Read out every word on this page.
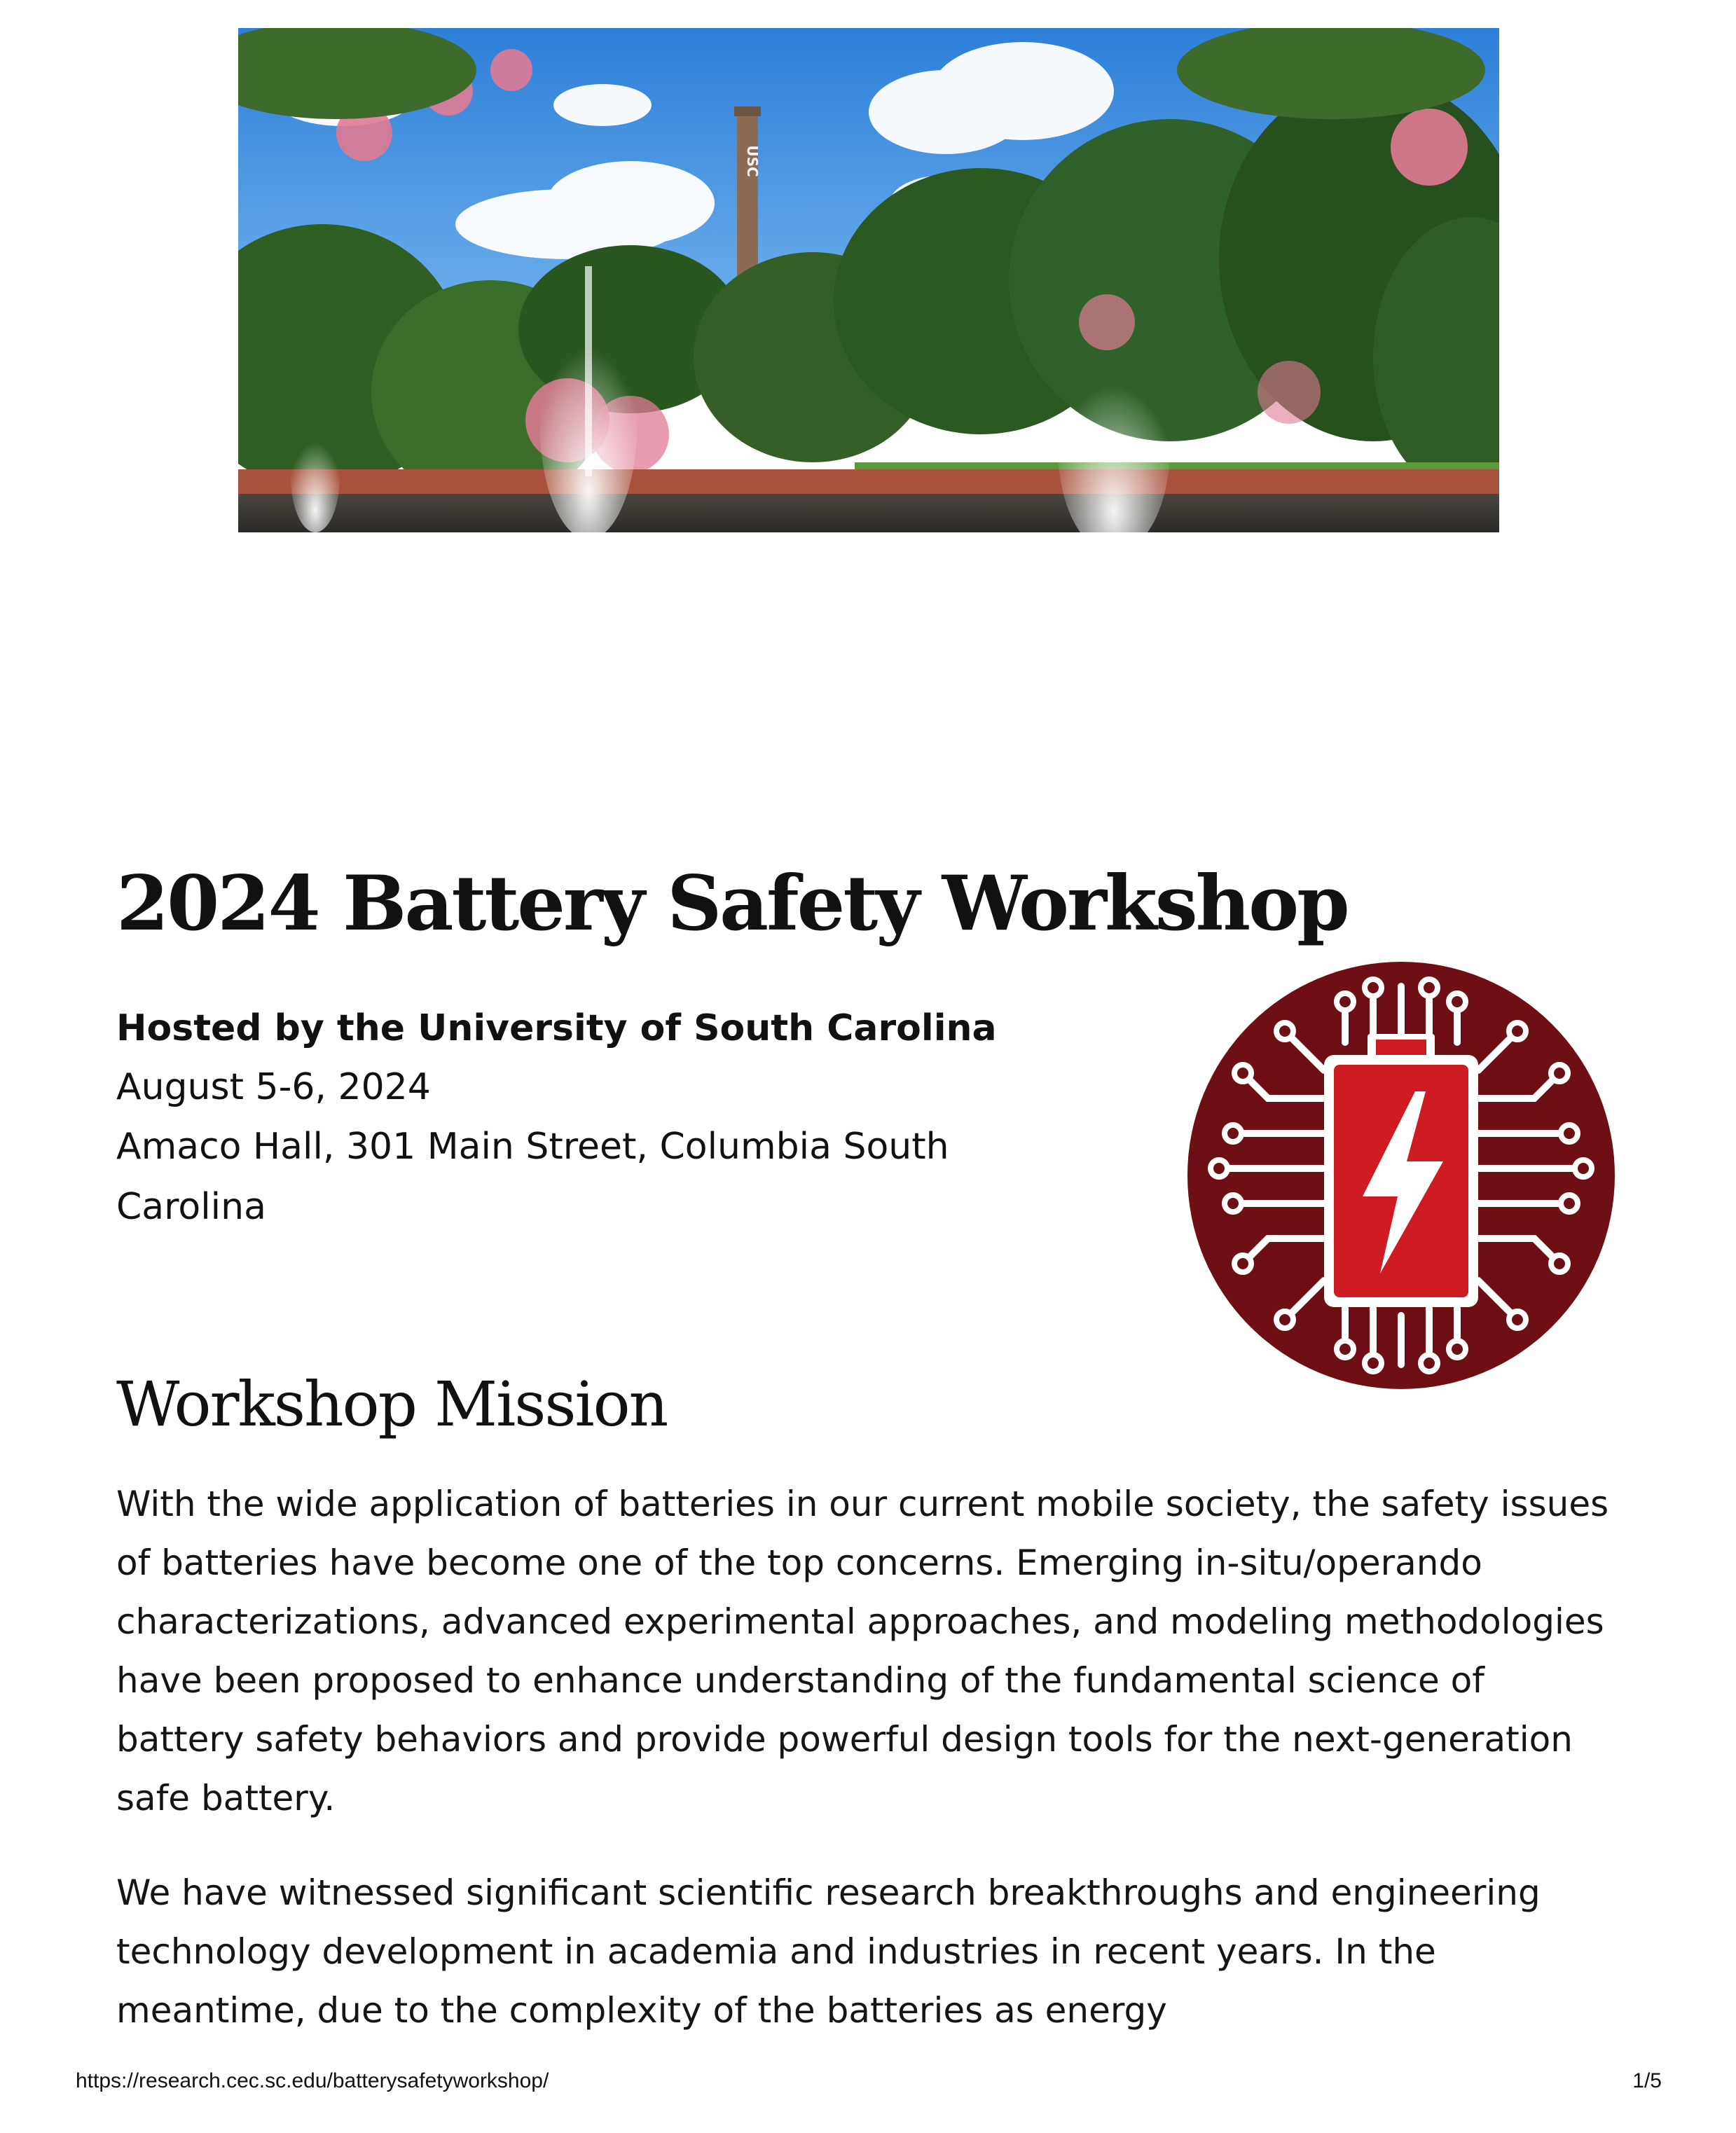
USC
2024 Battery Safety Workshop

Hosted by the University of South Carolina

August 5-6, 2024

Amaco Hall, 301 Main Street, Columbia South Carolina

Workshop Mission

With the wide application of batteries in our current mobile society, the safety issues of batteries have become one of the top concerns. Emerging in-situ/operando characterizations, advanced experimental approaches, and modeling methodologies have been proposed to enhance understanding of the fundamental science of battery safety behaviors and provide powerful design tools for the next-generation safe battery.

We have witnessed significant scientific research breakthroughs and engineering technology development in academia and industries in recent years. In the meantime, due to the complexity of the batteries as energy

https://research.cec.sc.edu/batterysafetyworkshop/	1/5
